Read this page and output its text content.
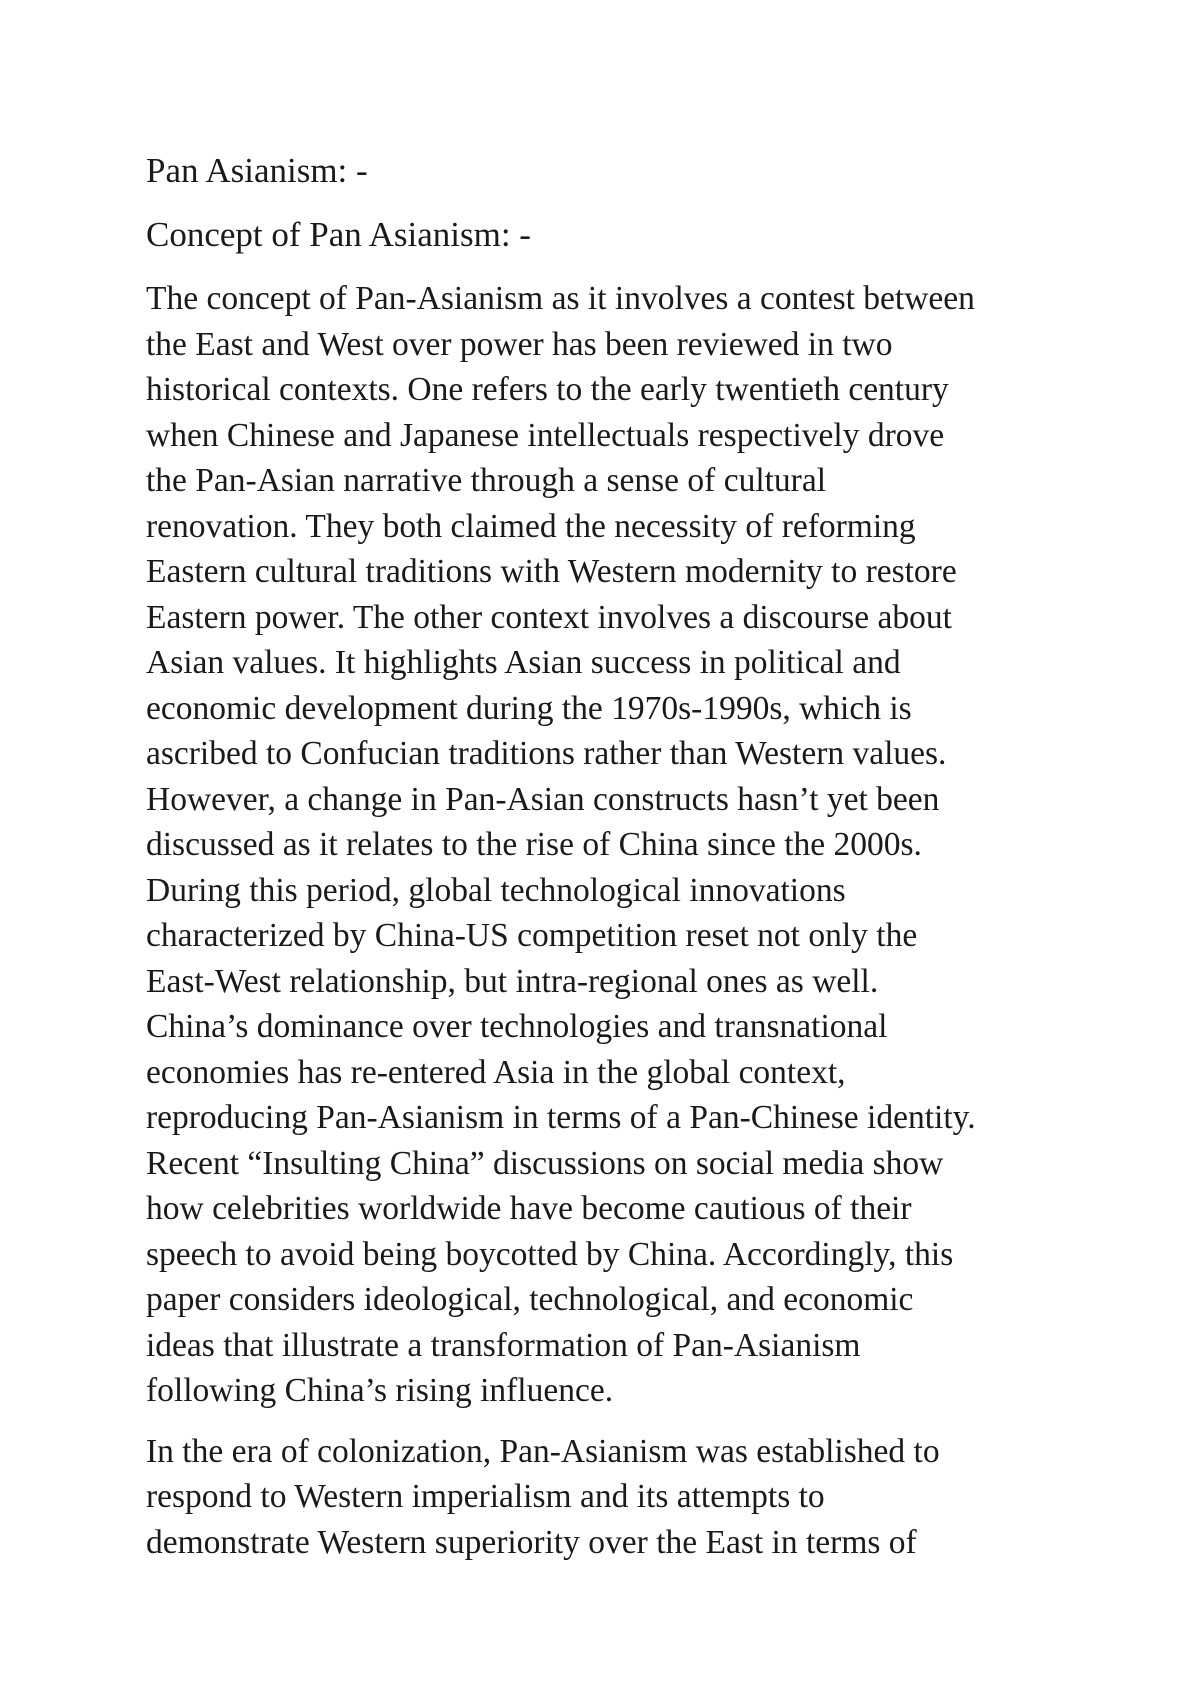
Pan Asianism: -
Concept of Pan Asianism: -

The concept of Pan-Asianism as it involves a contest between
the East and West over power has been reviewed in two
historical contexts. One refers to the early twentieth century
when Chinese and Japanese intellectuals respectively drove
the Pan-Asian narrative through a sense of cultural
renovation. They both claimed the necessity of reforming
Eastern cultural traditions with Western modernity to restore
Eastern power. The other context involves a discourse about
Asian values. It highlights Asian success in political and
economic development during the 1970s-1990s, which is
ascribed to Confucian traditions rather than Western values.
However, a change in Pan-Asian constructs hasn’t yet been
discussed as it relates to the rise of China since the 2000s.
During this period, global technological innovations
characterized by China-US competition reset not only the
East-West relationship, but intra-regional ones as well.
China’s dominance over technologies and transnational
economies has re-entered Asia in the global context,
reproducing Pan-Asianism in terms of a Pan-Chinese identity.
Recent “Insulting China” discussions on social media show
how celebrities worldwide have become cautious of their
speech to avoid being boycotted by China. Accordingly, this
paper considers ideological, technological, and economic
ideas that illustrate a transformation of Pan-Asianism
following China’s rising influence.

In the era of colonization, Pan-Asianism was established to
respond to Western imperialism and its attempts to
demonstrate Western superiority over the East in terms of
